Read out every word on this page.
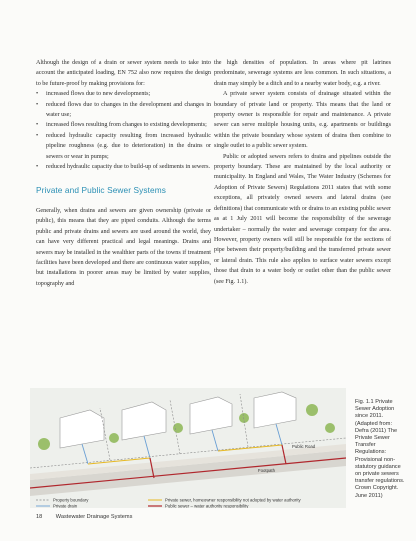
Although the design of a drain or sewer system needs to take into account the anticipated loading, EN 752 also now requires the design to be future-proof by making provisions for:

• increased flows due to new developments;
• reduced flows due to changes in the development and changes in water use;
• increased flows resulting from changes to existing developments;
• reduced hydraulic capacity resulting from increased hydraulic pipeline roughness (e.g. due to deterioration) in the drains or sewers or wear in pumps;
• reduced hydraulic capacity due to build-up of sediments in sewers.
Private and Public Sewer Systems

Generally, when drains and sewers are given ownership (private or public), this means that they are piped conduits. Although the terms public and private drains and sewers are used around the world, they can have very different practical and legal meanings. Drains and sewers may be installed in the wealthier parts of the towns if treatment facilities have been developed and there are continuous water supplies, but installations in poorer areas may be limited by water supplies, topography and

the high densities of population. In areas where pit latrines predominate, sewerage systems are less common. In such situations, a drain may simply be a ditch and to a nearby water body, e.g. a river.

A private sewer system consists of drainage situated within the boundary of private land or property. This means that the land or property owner is responsible for repair and maintenance. A private sewer can serve multiple housing units, e.g. apartments or buildings within the private boundary whose system of drains then combine to single outlet to a public sewer system.

Public or adopted sewers refers to drains and pipelines outside the property boundary. These are maintained by the local authority or municipality. In England and Wales, The Water Industry (Schemes for Adoption of Private Sewers) Regulations 2011 states that with some exceptions, all privately owned sewers and lateral drains (see definitions) that communicate with or drains to an existing public sewer as at 1 July 2011 will become the responsibility of the sewerage undertaker – normally the water and sewerage company for the area. However, property owners will still be responsible for the sections of pipe between their property/building and the transferred private sewer or lateral drain. This rule also applies to surface water sewers except those that drain to a water body or outlet other than the public sewer (see Fig. 1.1).

Public Road
Footpath
Property boundary
Private drain
Private sewer, homeowner responsibility not adopted by water authority
Public sewer – water authority responsibility
Fig. 1.1 Private Sewer Adoption since 2011. (Adapted from: Defra (2011) The Private Sewer Transfer Regulations: Provisional non-statutory guidance on private sewers transfer regulations. Crown Copyright. June 2011)
18 Wastewater Drainage Systems
